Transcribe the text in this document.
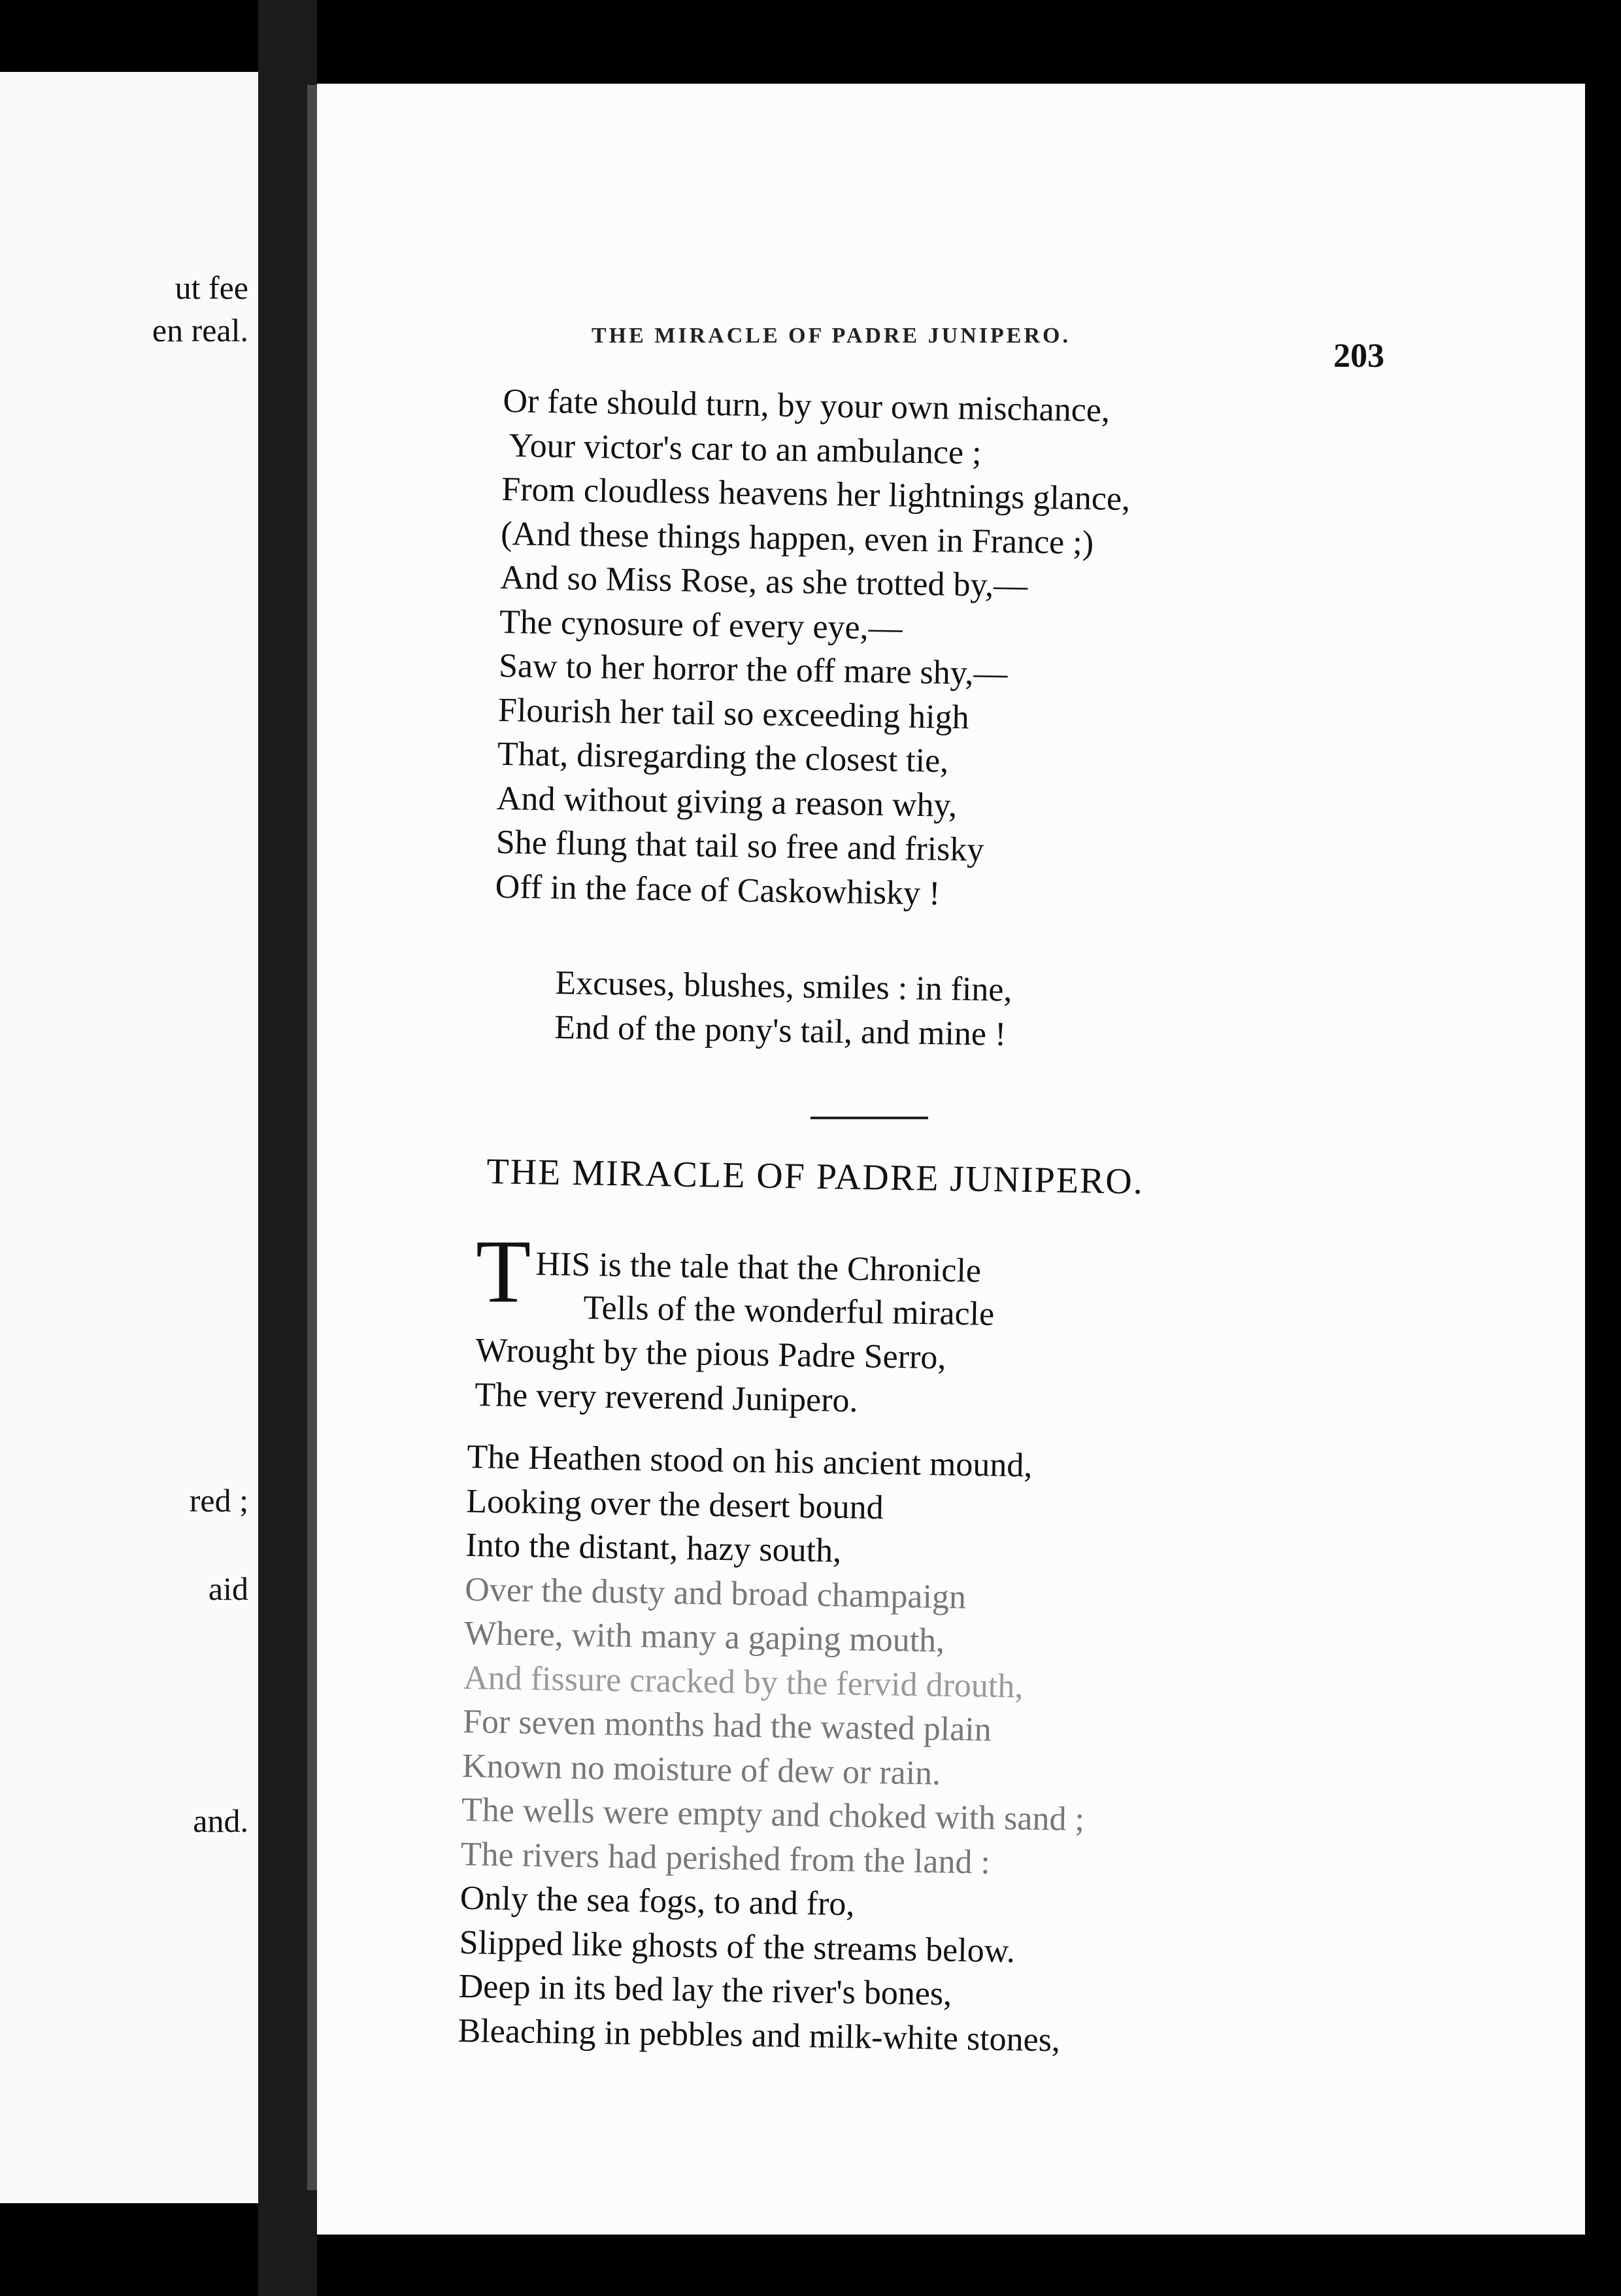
ut fee
en real.
red ;
aid
and.
THE MIRACLE OF PADRE JUNIPERO.
203
Or fate should turn, by your own mischance,
Your victor's car to an ambulance ;
From cloudless heavens her lightnings glance,
(And these things happen, even in France ;)
And so Miss Rose, as she trotted by,—
The cynosure of every eye,—
Saw to her horror the off mare shy,—
Flourish her tail so exceeding high
That, disregarding the closest tie,
And without giving a reason why,
She flung that tail so free and frisky
Off in the face of Caskowhisky !
Excuses, blushes, smiles : in fine,
End of the pony's tail, and mine !
THE MIRACLE OF PADRE JUNIPERO.
T HIS is the tale that the Chronicle
Tells of the wonderful miracle
Wrought by the pious Padre Serro,
The very reverend Junipero.
The Heathen stood on his ancient mound,
Looking over the desert bound
Into the distant, hazy south,
Over the dusty and broad champaign
Where, with many a gaping mouth,
And fissure cracked by the fervid drouth,
For seven months had the wasted plain
Known no moisture of dew or rain.
The wells were empty and choked with sand ;
The rivers had perished from the land :
Only the sea fogs, to and fro,
Slipped like ghosts of the streams below.
Deep in its bed lay the river's bones,
Bleaching in pebbles and milk-white stones,
